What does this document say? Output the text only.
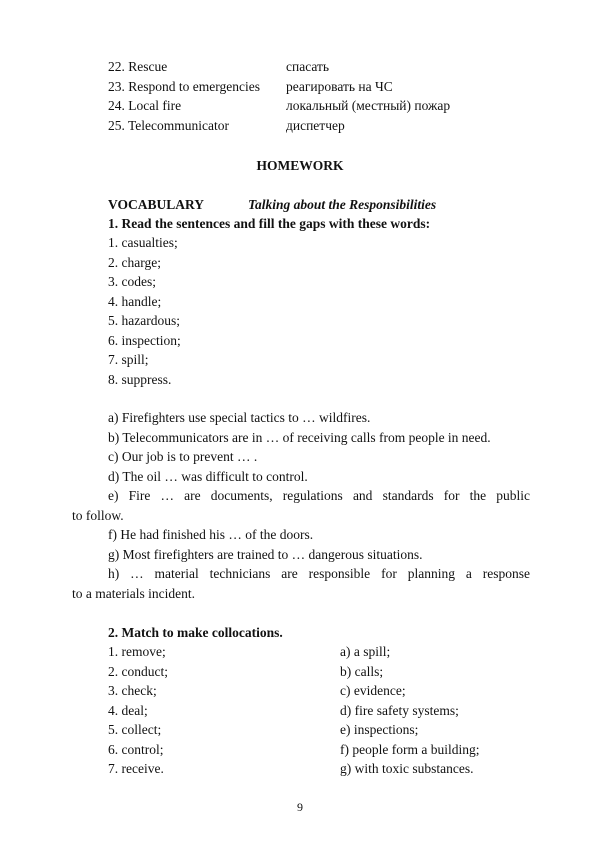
22. Rescue	спасать
23. Respond to emergencies реагировать на ЧС
24. Local fire	локальный (местный) пожар
25. Telecommunicator	диспетчер
HOMEWORK
VOCABULARY	Talking about the Responsibilities
1. Read the sentences and fill the gaps with these words:
1. casualties;
2. charge;
3. codes;
4. handle;
5. hazardous;
6. inspection;
7. spill;
8. suppress.
a) Firefighters use special tactics to … wildfires.
b) Telecommunicators are in … of receiving calls from people in need.
c) Our job is to prevent … .
d) The oil … was difficult to control.
e) Fire … are documents, regulations and standards for the public
to follow.
f) He had finished his … of the doors.
g) Most firefighters are trained to … dangerous situations.
h) … material technicians are responsible for planning a response
to a materials incident.
2. Match to make collocations.
1. remove;	a) a spill;
2. conduct;	b) calls;
3. check;	c) evidence;
4. deal;	d) fire safety systems;
5. collect;	e) inspections;
6. control;	f) people form a building;
7. receive.	g) with toxic substances.
9
